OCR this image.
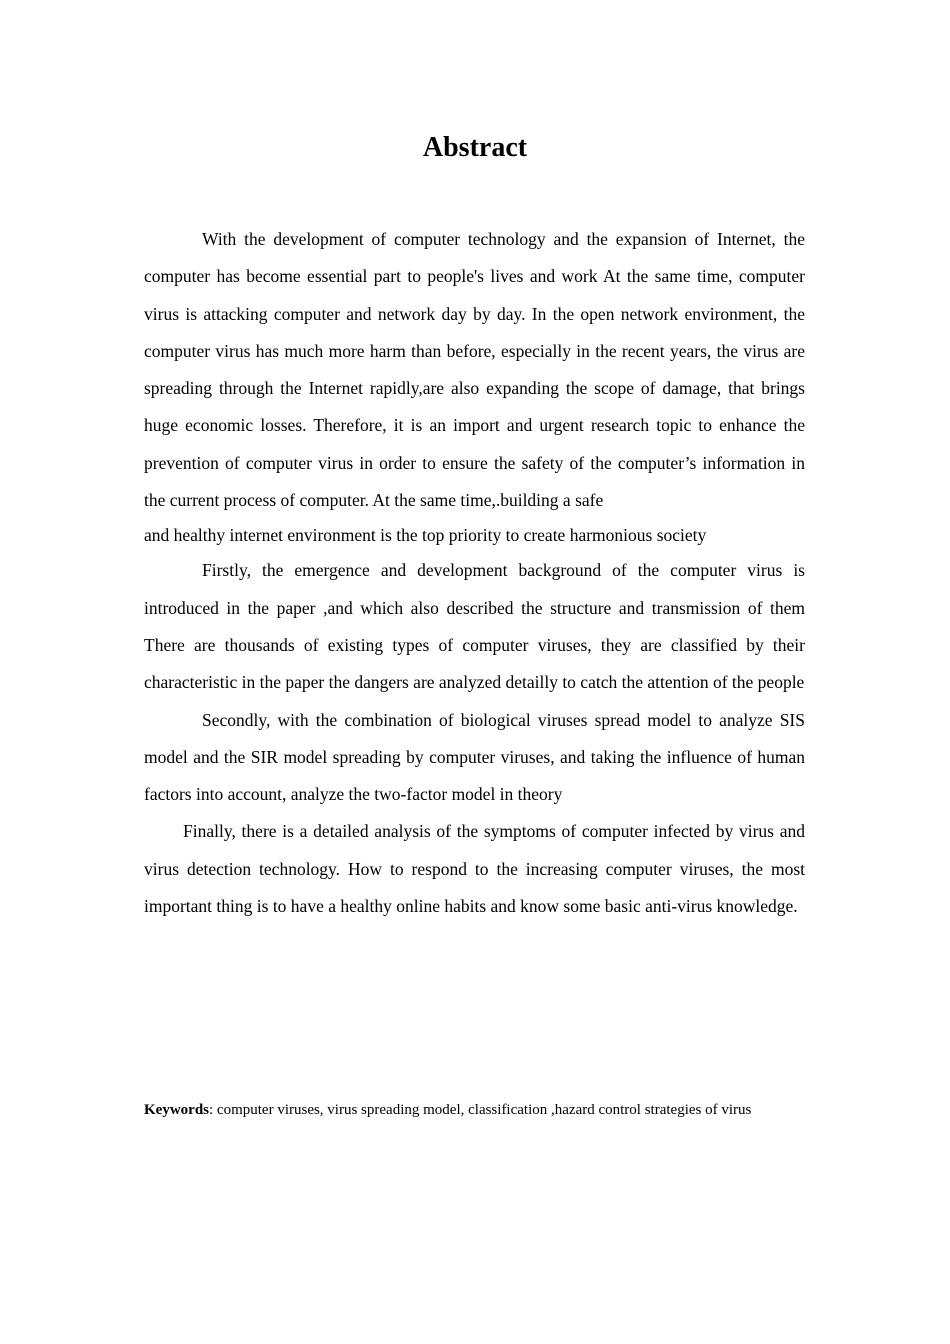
Abstract

With the development of computer technology and the expansion of Internet, the computer has become essential part to people's lives and work At the same time, computer virus is attacking computer and network day by day. In the open network environment, the computer virus has much more harm than before, especially in the recent years, the virus are spreading through the Internet rapidly,are also expanding the scope of damage, that brings huge economic losses. Therefore, it is an import and urgent research topic to enhance the prevention of computer virus in order to ensure the safety of the computer’s information in the current process of computer. At the same time,.building a safe

and healthy internet environment is the top priority to create harmonious society

Firstly, the emergence and development background of the computer virus is introduced in the paper ,and which also described the structure and transmission of them There are thousands of existing types of computer viruses, they are classified by their characteristic in the paper the dangers are analyzed detailly to catch the attention of the people

Secondly, with the combination of biological viruses spread model to analyze SIS model and the SIR model spreading by computer viruses, and taking the influence of human factors into account, analyze the two-factor model in theory

Finally, there is a detailed analysis of the symptoms of computer infected by virus and virus detection technology. How to respond to the increasing computer viruses, the most important thing is to have a healthy online habits and know some basic anti-virus knowledge.

Keywords: computer viruses, virus spreading model, classification ,hazard control strategies of virus
